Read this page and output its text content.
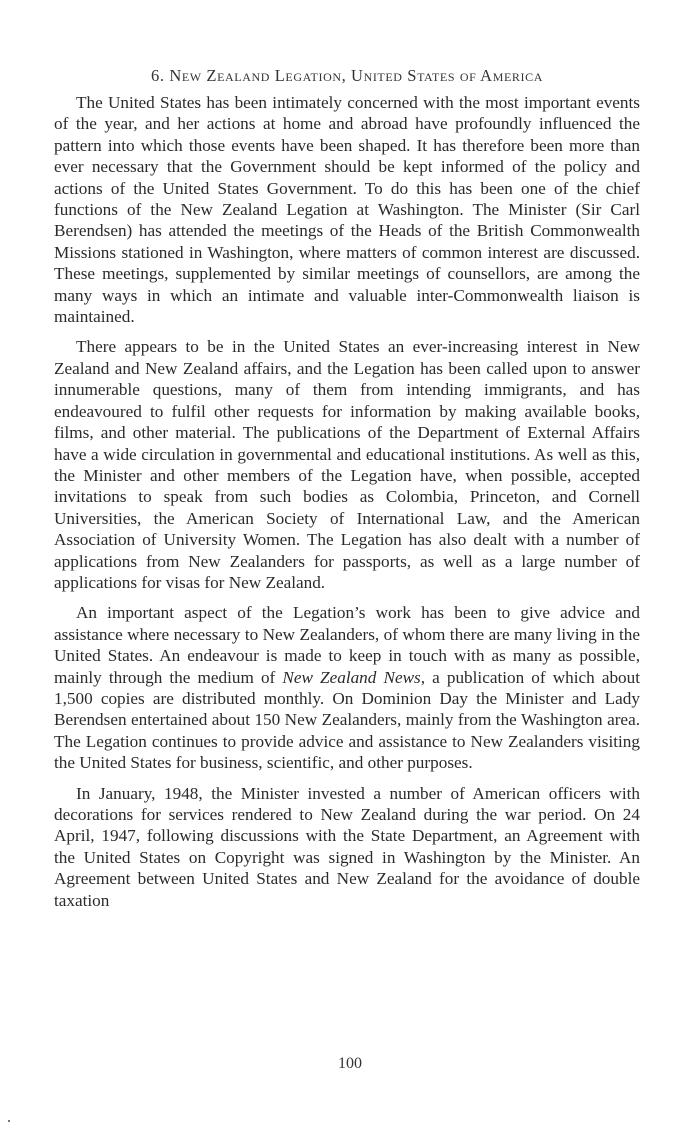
6. New Zealand Legation, United States of America

The United States has been intimately concerned with the most important events of the year, and her actions at home and abroad have profoundly influenced the pattern into which those events have been shaped. It has therefore been more than ever necessary that the Government should be kept informed of the policy and actions of the United States Government. To do this has been one of the chief functions of the New Zealand Legation at Washington. The Minister (Sir Carl Berendsen) has attended the meetings of the Heads of the British Commonwealth Missions stationed in Washington, where matters of common interest are discussed. These meetings, supplemented by similar meetings of counsellors, are among the many ways in which an intimate and valuable inter-Commonwealth liaison is maintained.

There appears to be in the United States an ever-increasing interest in New Zealand and New Zealand affairs, and the Legation has been called upon to answer innumerable questions, many of them from intending immigrants, and has endeavoured to fulfil other requests for information by making available books, films, and other material. The publications of the Department of External Affairs have a wide circulation in governmental and educational institutions. As well as this, the Minister and other members of the Legation have, when possible, accepted invitations to speak from such bodies as Colombia, Princeton, and Cornell Universities, the American Society of International Law, and the American Association of University Women. The Legation has also dealt with a number of applications from New Zealanders for passports, as well as a large number of applications for visas for New Zealand.

An important aspect of the Legation’s work has been to give advice and assistance where necessary to New Zealanders, of whom there are many living in the United States. An endeavour is made to keep in touch with as many as possible, mainly through the medium of New Zealand News, a publication of which about 1,500 copies are distributed monthly. On Dominion Day the Minister and Lady Berendsen entertained about 150 New Zealanders, mainly from the Washington area. The Legation continues to provide advice and assistance to New Zealanders visiting the United States for business, scientific, and other purposes.

In January, 1948, the Minister invested a number of American officers with decorations for services rendered to New Zealand during the war period. On 24 April, 1947, following discussions with the State Department, an Agreement with the United States on Copyright was signed in Washington by the Minister. An Agreement between United States and New Zealand for the avoidance of double taxation

100
